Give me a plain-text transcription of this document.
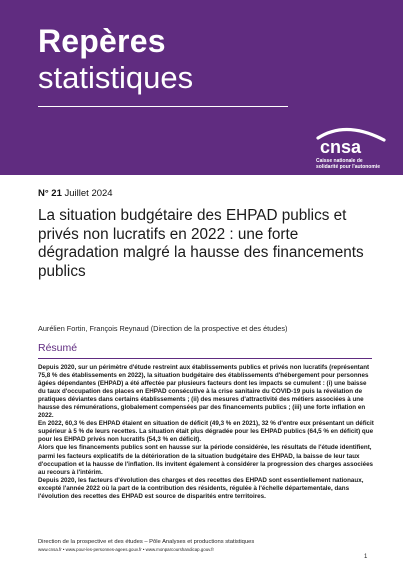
Repères
statistiques
cnsa
Caisse nationale de
solidarité pour l'autonomie
N° 21 Juillet 2024
La situation budgétaire des EHPAD publics et privés non lucratifs en 2022 : une forte dégradation malgré la hausse des financements publics
Aurélien Fortin, François Reynaud (Direction de la prospective et des études)
Résumé

Depuis 2020, sur un périmètre d'étude restreint aux établissements publics et privés non lucratifs (représentant 75,8 % des établissements en 2022), la situation budgétaire des établissements d'hébergement pour personnes âgées dépendantes (EHPAD) a été affectée par plusieurs facteurs dont les impacts se cumulent : (i) une baisse du taux d'occupation des places en EHPAD consécutive à la crise sanitaire du COVID-19 puis la révélation de pratiques déviantes dans certains établissements ; (ii) des mesures d'attractivité des métiers associées à une hausse des rémunérations, globalement compensées par des financements publics ; (iii) une forte inflation en 2022.

En 2022, 60,3 % des EHPAD étaient en situation de déficit (49,3 % en 2021), 32 % d'entre eux présentant un déficit supérieur à 5 % de leurs recettes. La situation était plus dégradée pour les EHPAD publics (64,5 % en déficit) que pour les EHPAD privés non lucratifs (54,3 % en déficit).

Alors que les financements publics sont en hausse sur la période considérée, les résultats de l'étude identifient, parmi les facteurs explicatifs de la détérioration de la situation budgétaire des EHPAD, la baisse de leur taux d'occupation et la hausse de l'inflation. Ils invitent également à considérer la progression des charges associées au recours à l'intérim.

Depuis 2020, les facteurs d'évolution des charges et des recettes des EHPAD sont essentiellement nationaux, excepté l'année 2022 où la part de la contribution des résidents, régulée à l'échelle départementale, dans l'évolution des recettes des EHPAD est source de disparités entre territoires.

Direction de la prospective et des études – Pôle Analyses et productions statistiques
www.cnsa.fr • www.pour-les-personnes-agees.gouv.fr • www.monparcourshandicap.gouv.fr
1
